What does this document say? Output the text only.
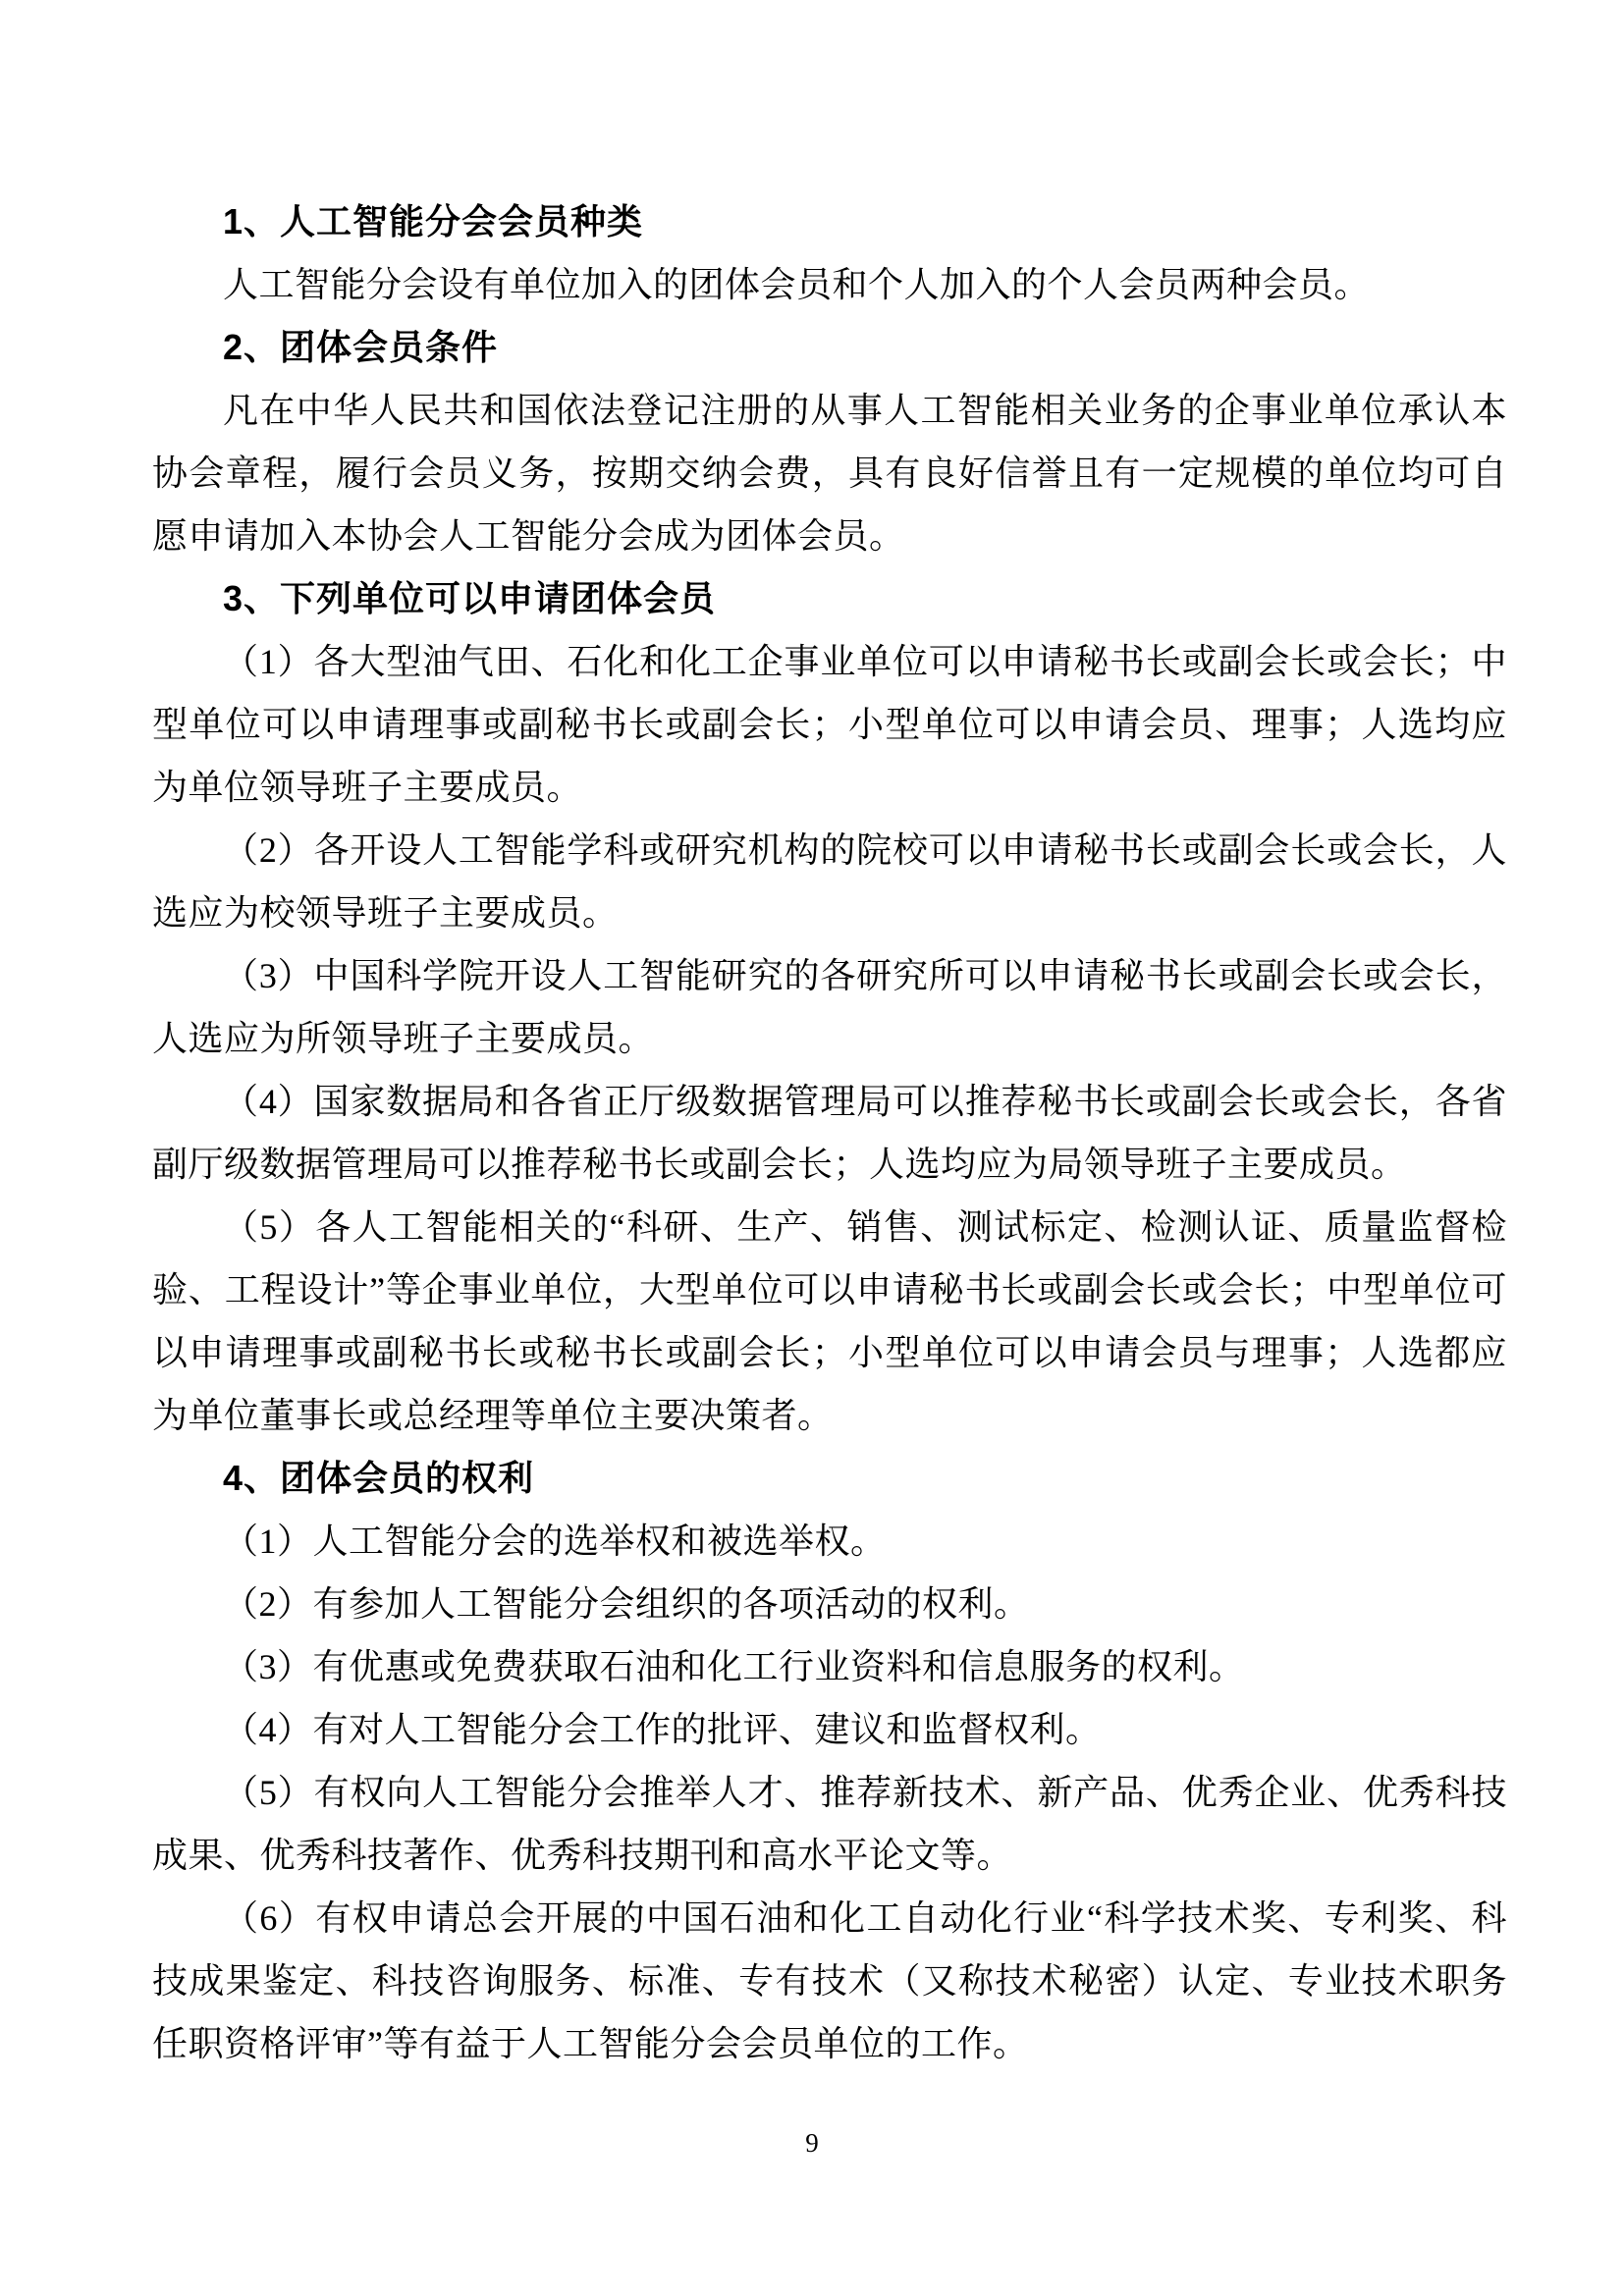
1、人工智能分会会员种类

人工智能分会设有单位加入的团体会员和个人加入的个人会员两种会员。

2、团体会员条件

凡在中华人民共和国依法登记注册的从事人工智能相关业务的企事业单位承认本协会章程，履行会员义务，按期交纳会费，具有良好信誉且有一定规模的单位均可自愿申请加入本协会人工智能分会成为团体会员。

3、下列单位可以申请团体会员

（1）各大型油气田、石化和化工企事业单位可以申请秘书长或副会长或会长；中型单位可以申请理事或副秘书长或副会长；小型单位可以申请会员、理事；人选均应为单位领导班子主要成员。

（2）各开设人工智能学科或研究机构的院校可以申请秘书长或副会长或会长，人选应为校领导班子主要成员。

（3）中国科学院开设人工智能研究的各研究所可以申请秘书长或副会长或会长，人选应为所领导班子主要成员。

（4）国家数据局和各省正厅级数据管理局可以推荐秘书长或副会长或会长，各省副厅级数据管理局可以推荐秘书长或副会长；人选均应为局领导班子主要成员。

（5）各人工智能相关的“科研、生产、销售、测试标定、检测认证、质量监督检验、工程设计”等企事业单位，大型单位可以申请秘书长或副会长或会长；中型单位可以申请理事或副秘书长或秘书长或副会长；小型单位可以申请会员与理事；人选都应为单位董事长或总经理等单位主要决策者。

4、团体会员的权利

（1）人工智能分会的选举权和被选举权。

（2）有参加人工智能分会组织的各项活动的权利。

（3）有优惠或免费获取石油和化工行业资料和信息服务的权利。

（4）有对人工智能分会工作的批评、建议和监督权利。

（5）有权向人工智能分会推举人才、推荐新技术、新产品、优秀企业、优秀科技成果、优秀科技著作、优秀科技期刊和高水平论文等。

（6）有权申请总会开展的中国石油和化工自动化行业“科学技术奖、专利奖、科技成果鉴定、科技咨询服务、标准、专有技术（又称技术秘密）认定、专业技术职务任职资格评审”等有益于人工智能分会会员单位的工作。

9
